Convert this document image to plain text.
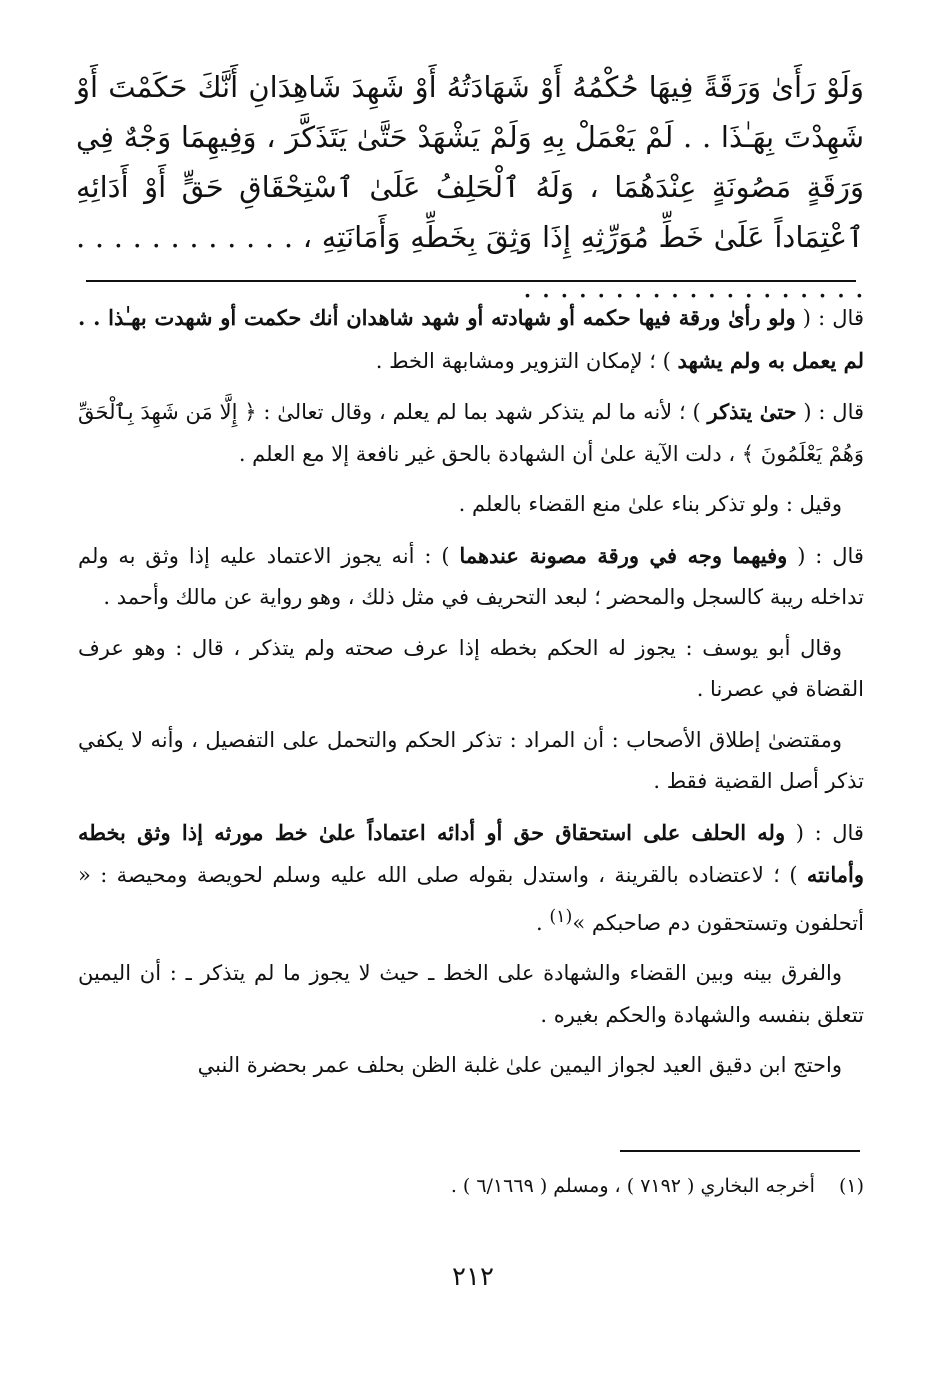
وَلَوْ رَأَىٰ وَرَقَةً فِيهَا حُكْمُهُ أَوْ شَهَادَتُهُ أَوْ شَهِدَ شَاهِدَانِ أَنَّكَ حَكَمْتَ أَوْ شَهِدْتَ بِهَـٰذَا . . لَمْ يَعْمَلْ بِهِ وَلَمْ يَشْهَدْ حَتَّىٰ يَتَذَكَّرَ ، وَفِيهِمَا وَجْهٌ فِي وَرَقَةٍ مَصُونَةٍ عِنْدَهُمَا ، وَلَهُ ٱلْحَلِفُ عَلَىٰ ٱسْتِحْقَاقِ حَقٍّ أَوْ أَدَائِهِ ٱعْتِمَاداً عَلَىٰ خَطِّ مُوَرِّثِهِ إِذَا وَثِقَ بِخَطِّهِ وَأَمَانَتِهِ ، . . . . . . . . . . . . . . . . . . . . . . . . . . . . . . .

قال : ( ولو رأىٰ ورقة فيها حكمه أو شهادته أو شهد شاهدان أنك حكمت أو شهدت بهـٰذا . . لم يعمل به ولم يشهد ) ؛ لإمكان التزوير ومشابهة الخط .

قال : ( حتىٰ يتذكر ) ؛ لأنه ما لم يتذكر شهد بما لم يعلم ، وقال تعالىٰ : ﴿ إِلَّا مَن شَهِدَ بِٱلْحَقِّ وَهُمْ يَعْلَمُونَ ﴾ ، دلت الآية علىٰ أن الشهادة بالحق غير نافعة إلا مع العلم .

وقيل : ولو تذكر بناء علىٰ منع القضاء بالعلم .

قال : ( وفيهما وجه في ورقة مصونة عندهما ) : أنه يجوز الاعتماد عليه إذا وثق به ولم تداخله ريبة كالسجل والمحضر ؛ لبعد التحريف في مثل ذلك ، وهو رواية عن مالك وأحمد .

وقال أبو يوسف : يجوز له الحكم بخطه إذا عرف صحته ولم يتذكر ، قال : وهو عرف القضاة في عصرنا .

ومقتضىٰ إطلاق الأصحاب : أن المراد : تذكر الحكم والتحمل على التفصيل ، وأنه لا يكفي تذكر أصل القضية فقط .

قال : ( وله الحلف على استحقاق حق أو أدائه اعتماداً علىٰ خط مورثه إذا وثق بخطه وأمانته ) ؛ لاعتضاده بالقرينة ، واستدل بقوله صلى الله عليه وسلم لحويصة ومحيصة : « أتحلفون وتستحقون دم صاحبكم »$^{(١)}$ .

والفرق بينه وبين القضاء والشهادة على الخط ـ حيث لا يجوز ما لم يتذكر ـ : أن اليمين تتعلق بنفسه والشهادة والحكم بغيره .

واحتج ابن دقيق العيد لجواز اليمين علىٰ غلبة الظن بحلف عمر بحضرة النبي

(١) أخرجه البخاري ( ٧١٩٢ ) ، ومسلم ( ٦/١٦٦٩ ) .
٢١٢
